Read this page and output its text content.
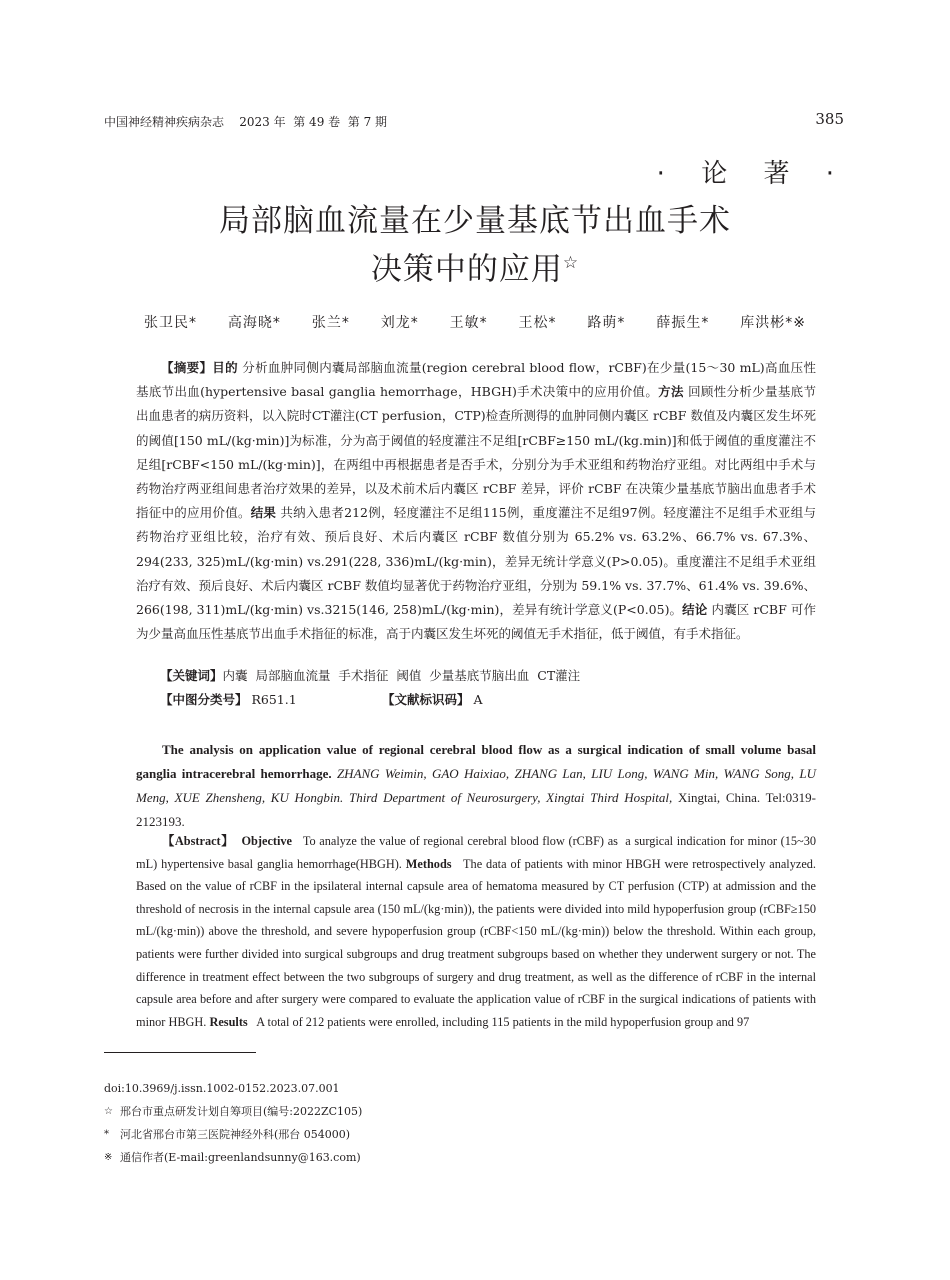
中国神经精神疾病杂志    2023 年  第 49 卷  第 7 期	385
· 论 著 ·
局部脑血流量在少量基底节出血手术
决策中的应用☆
张卫民*  高海晓*  张兰*  刘龙*  王敏*  王松*  路萌*  薛振生*  库洪彬*※

【摘要】目的 分析血肿同侧内囊局部脑血流量(region cerebral blood flow，rCBF)在少量(15～30 mL)高血压性基底节出血(hypertensive basal ganglia hemorrhage，HBGH)手术决策中的应用价值。方法 回顾性分析少量基底节出血患者的病历资料，以入院时CT灌注(CT perfusion，CTP)检查所测得的血肿同侧内囊区 rCBF 数值及内囊区发生坏死的阈值[150 mL/(kg·min)]为标准，分为高于阈值的轻度灌注不足组[rCBF≥150 mL/(kg.min)]和低于阈值的重度灌注不足组[rCBF<150 mL/(kg·min)]，在两组中再根据患者是否手术，分别分为手术亚组和药物治疗亚组。对比两组中手术与药物治疗两亚组间患者治疗效果的差异，以及术前术后内囊区 rCBF 差异，评价 rCBF 在决策少量基底节脑出血患者手术指征中的应用价值。结果 共纳入患者212例，轻度灌注不足组115例，重度灌注不足组97例。轻度灌注不足组手术亚组与药物治疗亚组比较，治疗有效、预后良好、术后内囊区 rCBF 数值分别为 65.2% vs. 63.2%、66.7% vs. 67.3%、294(233, 325)mL/(kg·min) vs.291(228, 336)mL/(kg·min)，差异无统计学意义(P>0.05)。重度灌注不足组手术亚组治疗有效、预后良好、术后内囊区 rCBF 数值均显著优于药物治疗亚组，分别为 59.1% vs. 37.7%、61.4% vs. 39.6%、266(198, 311)mL/(kg·min) vs.3215(146, 258)mL/(kg·min)，差异有统计学意义(P<0.05)。结论 内囊区 rCBF 可作为少量高血压性基底节出血手术指征的标准，高于内囊区发生坏死的阈值无手术指征，低于阈值，有手术指征。

【关键词】内囊  局部脑血流量  手术指征  阈值  少量基底节脑出血  CT灌注
【中图分类号】 R651.1	【文献标识码】 A
The analysis on application value of regional cerebral blood flow as a surgical indication of small volume basal ganglia intracerebral hemorrhage. ZHANG Weimin, GAO Haixiao, ZHANG Lan, LIU Long, WANG Min, WANG Song, LU Meng, XUE Zhensheng, KU Hongbin. Third Department of Neurosurgery, Xingtai Third Hospital, Xingtai, China. Tel:0319-2123193.

【Abstract】 Objective   To analyze the value of regional cerebral blood flow (rCBF) as  a surgical indication for minor (15~30 mL) hypertensive basal ganglia hemorrhage(HBGH). Methods   The data of patients with minor HBGH were retrospectively analyzed. Based on the value of rCBF in the ipsilateral internal capsule area of hematoma measured by CT perfusion (CTP) at admission and the threshold of necrosis in the internal capsule area (150 mL/(kg·min)), the patients were divided into mild hypoperfusion group (rCBF≥150 mL/(kg·min)) above the threshold, and severe hypoperfusion group (rCBF<150 mL/(kg·min)) below the threshold. Within each group, patients were further divided into surgical subgroups and drug treatment subgroups based on whether they underwent surgery or not. The difference in treatment effect between the two subgroups of surgery and drug treatment, as well as the difference of rCBF in the internal capsule area before and after surgery were compared to evaluate the application value of rCBF in the surgical indications of patients with minor HBGH. Results   A total of 212 patients were enrolled, including 115 patients in the mild hypoperfusion group and 97

doi:10.3969/j.issn.1002-0152.2023.07.001
☆ 邢台市重点研发计划自筹项目(编号:2022ZC105)
* 河北省邢台市第三医院神经外科(邢台 054000)
※ 通信作者(E-mail:greenlandsunny@163.com)
